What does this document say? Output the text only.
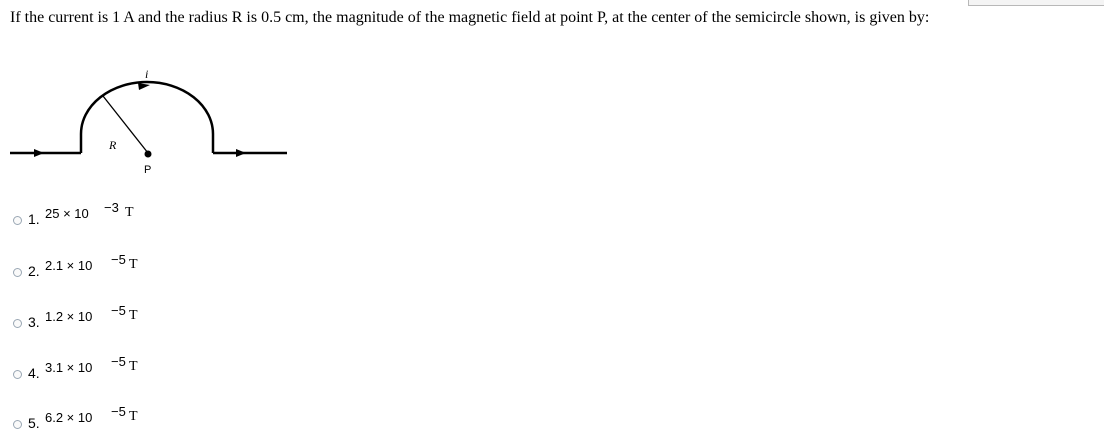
If the current is 1 A and the radius R is 0.5 cm, the magnitude of the magnetic field at point P, at the center of the semicircle shown, is given by:
R
P
i
1. 25 × 10 −3 T
2. 2.1 × 10 −5 T
3. 1.2 × 10 −5 T
4. 3.1 × 10 −5 T
5. 6.2 × 10 −5 T
